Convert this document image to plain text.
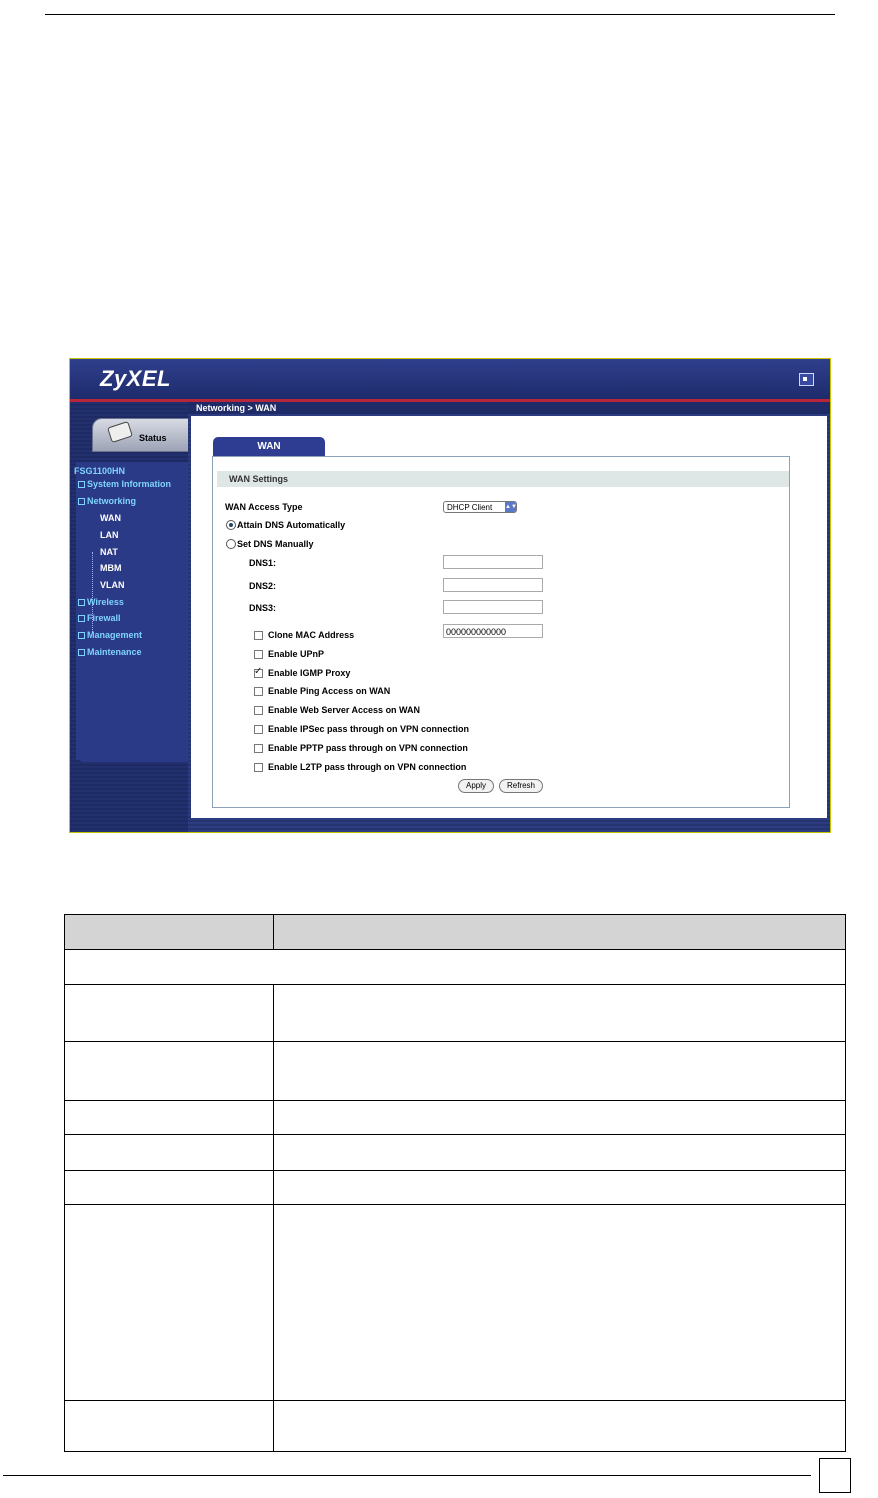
ZyXEL
Status
FSG1100HN
System Information
Networking
WAN
LAN
NAT
MBM
VLAN
Wireless
Firewall
Management
Maintenance
Networking > WAN
WAN
WAN Settings
WAN Access Type	DHCP Client ▲▼
Attain DNS Automatically
Set DNS Manually
DNS1:
DNS2:
DNS3:
Clone MAC Address	000000000000
Enable UPnP
✓
Enable IGMP Proxy
Enable Ping Access on WAN
Enable Web Server Access on WAN
Enable IPSec pass through on VPN connection
Enable PPTP pass through on VPN connection
Enable L2TP pass through on VPN connection
Apply	Refresh
